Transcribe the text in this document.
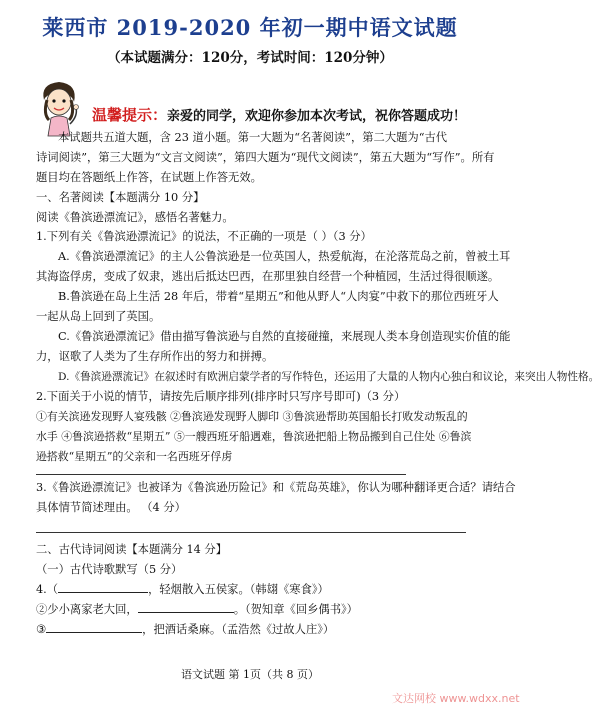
莱西市 2019-2020 年初一期中语文试题
（本试题满分：120分，考试时间：120分钟）
温馨提示：亲爱的同学，欢迎你参加本次考试，祝你答题成功！
本试题共五道大题，含 23 道小题。第一大题为“名著阅读”，第二大题为“古代
诗词阅读”，第三大题为“文言文阅读”，第四大题为“现代文阅读”，第五大题为“写作”。所有
题目均在答题纸上作答，在试题上作答无效。
一、名著阅读【本题满分 10 分】
阅读《鲁滨逊漂流记》，感悟名著魅力。
1.下列有关《鲁滨逊漂流记》的说法，不正确的一项是（ ）（3 分）
A.《鲁滨逊漂流记》的主人公鲁滨逊是一位英国人，热爱航海，在沦落荒岛之前，曾被土耳
其海盗俘虏，变成了奴隶，逃出后抵达巴西，在那里独自经营一个种植园，生活过得很顺遂。
B.鲁滨逊在岛上生活 28 年后，带着“星期五”和他从野人“人肉宴”中救下的那位西班牙人
一起从岛上回到了英国。
C.《鲁滨逊漂流记》借由描写鲁滨逊与自然的直接碰撞，来展现人类本身创造现实价值的能
力，讴歌了人类为了生存所作出的努力和拼搏。
D.《鲁滨逊漂流记》在叙述时有欧洲启蒙学者的写作特色，还运用了大量的人物内心独白和议论，来突出人物性格。
2.下面关于小说的情节，请按先后顺序排列(排序时只写序号即可)（3 分）
①有关滨逊发现野人宴残骸 ②鲁滨逊发现野人脚印 ③鲁滨逊帮助英国船长打败发动叛乱的
水手 ④鲁滨逊搭救“星期五” ⑤一艘西班牙船遇难，鲁滨逊把船上物品搬到自己住处 ⑥鲁滨
逊搭救“星期五”的父亲和一名西班牙俘虏
3.《鲁滨逊漂流记》也被译为《鲁滨逊历险记》和《荒岛英雄》，你认为哪种翻译更合适？请结合
具体情节简述理由。 （4 分）
二、古代诗词阅读【本题满分 14 分】
（一）古代诗歌默写（5 分）
4.（	，轻烟散入五侯家。（韩翃《寒食》）
②少小离家老大回，	。（贺知章《回乡偶书》）
③	，把酒话桑麻。（孟浩然《过故人庄》）
语文试题 第 1页（共 8 页）
文达网校 www.wdxx.net
